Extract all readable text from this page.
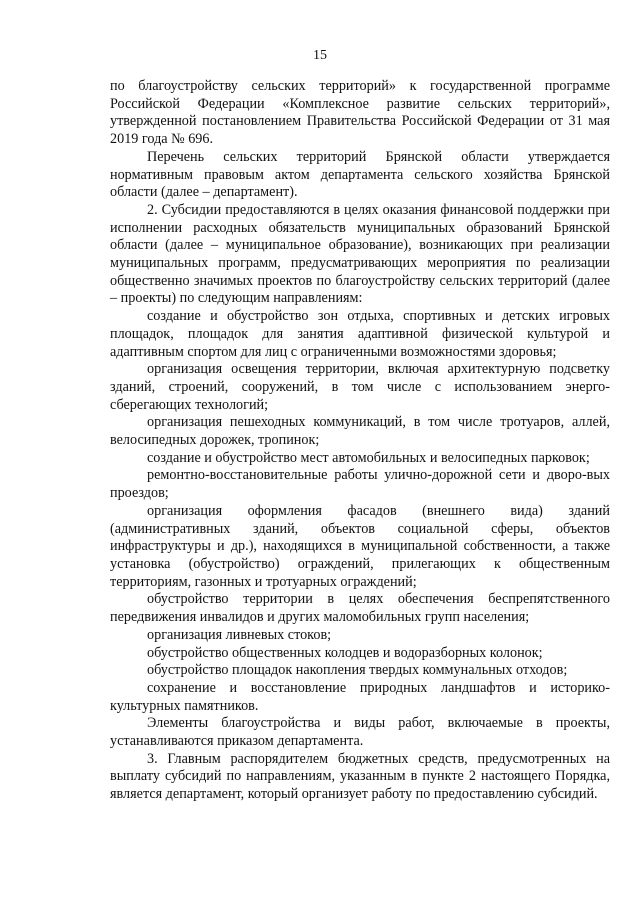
15

по благоустройству сельских территорий» к государственной программе Российской Федерации «Комплексное развитие сельских территорий», утвержденной постановлением Правительства Российской Федерации от 31 мая 2019 года № 696.

Перечень сельских территорий Брянской области утверждается нормативным правовым актом департамента сельского хозяйства Брянской области (далее – департамент).

2. Субсидии предоставляются в целях оказания финансовой поддержки при исполнении расходных обязательств муниципальных образований Брянской области (далее – муниципальное образование), возникающих при реализации муниципальных программ, предусматривающих мероприятия по реализации общественно значимых проектов по благоустройству сельских территорий (далее – проекты) по следующим направлениям:

создание и обустройство зон отдыха, спортивных и детских игровых площадок, площадок для занятия адаптивной физической культурой и адаптивным спортом для лиц с ограниченными возможностями здоровья;

организация освещения территории, включая архитектурную подсветку зданий, строений, сооружений, в том числе с использованием энерго-сберегающих технологий;

организация пешеходных коммуникаций, в том числе тротуаров, аллей, велосипедных дорожек, тропинок;

создание и обустройство мест автомобильных и велосипедных парковок;

ремонтно-восстановительные работы улично-дорожной сети и дворо-вых проездов;

организация оформления фасадов (внешнего вида) зданий (административных зданий, объектов социальной сферы, объектов инфраструктуры и др.), находящихся в муниципальной собственности, а также установка (обустройство) ограждений, прилегающих к общественным территориям, газонных и тротуарных ограждений;

обустройство территории в целях обеспечения беспрепятственного передвижения инвалидов и других маломобильных групп населения;

организация ливневых стоков;

обустройство общественных колодцев и водоразборных колонок;

обустройство площадок накопления твердых коммунальных отходов;

сохранение и восстановление природных ландшафтов и историко-культурных памятников.

Элементы благоустройства и виды работ, включаемые в проекты, устанавливаются приказом департамента.

3. Главным распорядителем бюджетных средств, предусмотренных на выплату субсидий по направлениям, указанным в пункте 2 настоящего Порядка, является департамент, который организует работу по предоставлению субсидий.
